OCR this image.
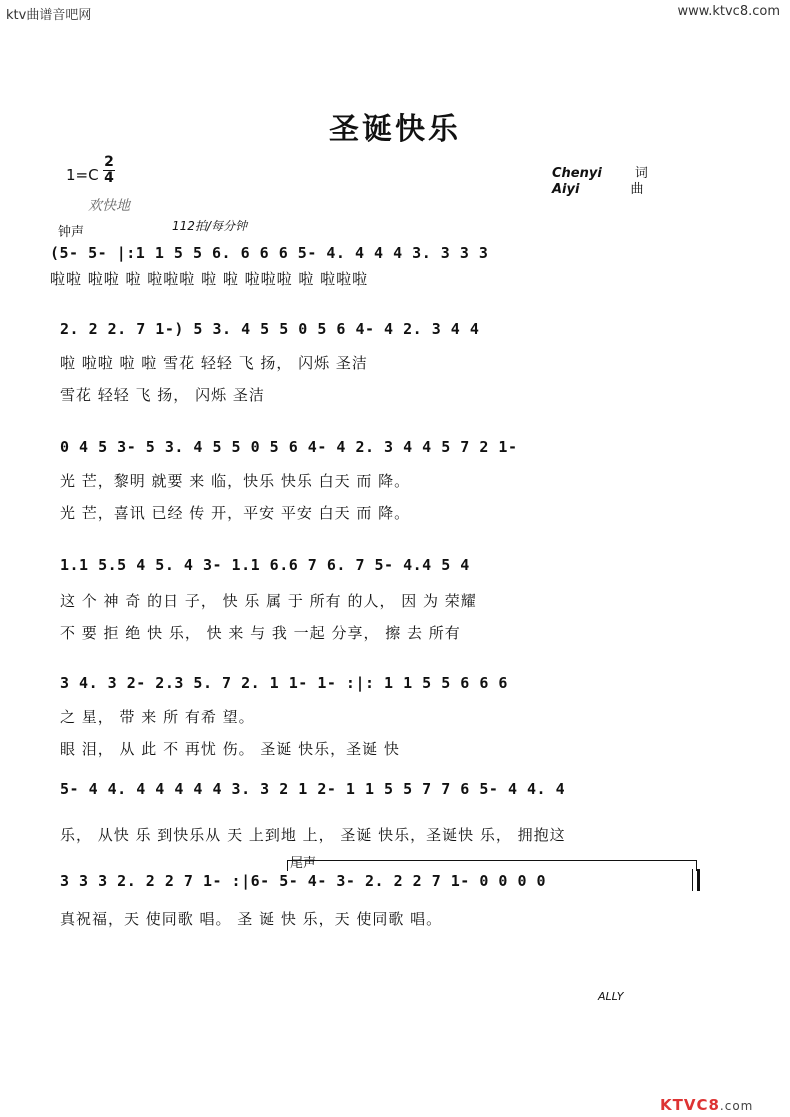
ktv曲谱音吧网	www.ktvc8.com
圣诞快乐
1=C
2
4	Chenyi	词
Aiyi	曲
欢快地
钟声	112拍/每分钟
(5- 5- |:1 1 5 5 6. 6 6 6 5- 4. 4 4 4 3. 3 3 3
啦啦 啦啦 啦 啦啦啦 啦 啦 啦啦啦 啦 啦啦啦
2. 2 2. 7 1-) 5 3. 4 5 5 0 5 6 4- 4 2. 3 4 4
啦 啦啦 啦 啦 雪花 轻轻 飞 扬， 闪烁 圣洁
雪花 轻轻 飞 扬， 闪烁 圣洁
0 4 5 3- 5 3. 4 5 5 0 5 6 4- 4 2. 3 4 4 5 7 2 1-
光 芒，黎明 就要 来 临，快乐 快乐 白天 而 降。
光 芒，喜讯 已经 传 开，平安 平安 白天 而 降。
1.1 5.5 4 5. 4 3- 1.1 6.6 7 6. 7 5- 4.4 5 4
这 个 神 奇 的日 子， 快 乐 属 于 所有 的人， 因 为 荣耀
不 要 拒 绝 快 乐， 快 来 与 我 一起 分享， 擦 去 所有
3 4. 3 2- 2.3 5. 7 2. 1 1- 1- :|: 1 1 5 5 6 6 6
之 星， 带 来 所 有希 望。
眼 泪， 从 此 不 再忧 伤。 圣诞 快乐，圣诞 快
5- 4 4. 4 4 4 4 4 3. 3 2 1 2- 1 1 5 5 7 7 6 5- 4 4. 4
乐， 从快 乐 到快乐从 天 上到地 上， 圣诞 快乐，圣诞快 乐， 拥抱这
尾声
3 3 3 2. 2 2 7 1- :|6- 5- 4- 3- 2. 2 2 7 1- 0 0 0 0
真祝福，天 使同歌 唱。 圣 诞 快 乐，天 使同歌 唱。
ALLY
KTVC8.com
